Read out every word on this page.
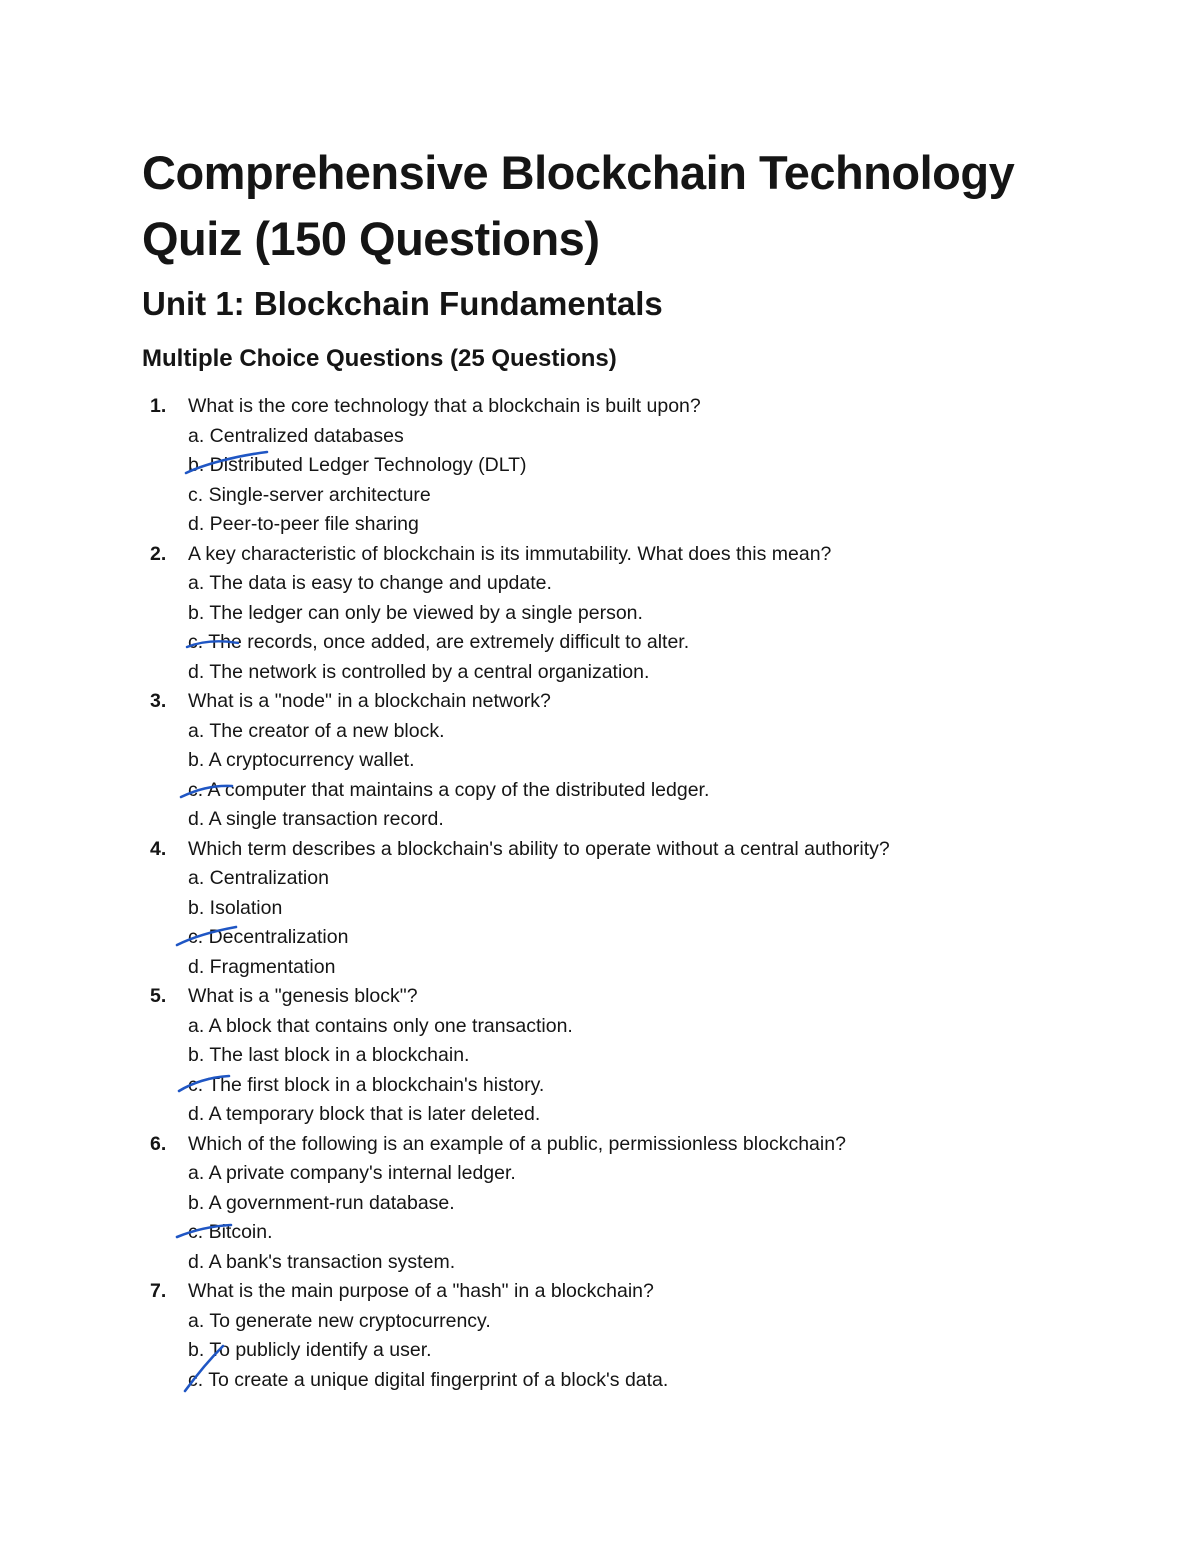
Comprehensive Blockchain Technology
Quiz (150 Questions)
Unit 1: Blockchain Fundamentals
Multiple Choice Questions (25 Questions)
1.	What is the core technology that a blockchain is built upon?
a. Centralized databases
b. Distributed Ledger Technology (DLT)
c. Single-server architecture
d. Peer-to-peer file sharing
2.	A key characteristic of blockchain is its immutability. What does this mean?
a. The data is easy to change and update.
b. The ledger can only be viewed by a single person.
c. The records, once added, are extremely difficult to alter.
d. The network is controlled by a central organization.
3.	What is a "node" in a blockchain network?
a. The creator of a new block.
b. A cryptocurrency wallet.
c. A computer that maintains a copy of the distributed ledger.
d. A single transaction record.
4.	Which term describes a blockchain's ability to operate without a central authority?
a. Centralization
b. Isolation
c. Decentralization
d. Fragmentation
5.	What is a "genesis block"?
a. A block that contains only one transaction.
b. The last block in a blockchain.
c. The first block in a blockchain's history.
d. A temporary block that is later deleted.
6.	Which of the following is an example of a public, permissionless blockchain?
a. A private company's internal ledger.
b. A government-run database.
c. Bitcoin.
d. A bank's transaction system.
7.	What is the main purpose of a "hash" in a blockchain?
a. To generate new cryptocurrency.
b. To publicly identify a user.
c. To create a unique digital fingerprint of a block's data.
